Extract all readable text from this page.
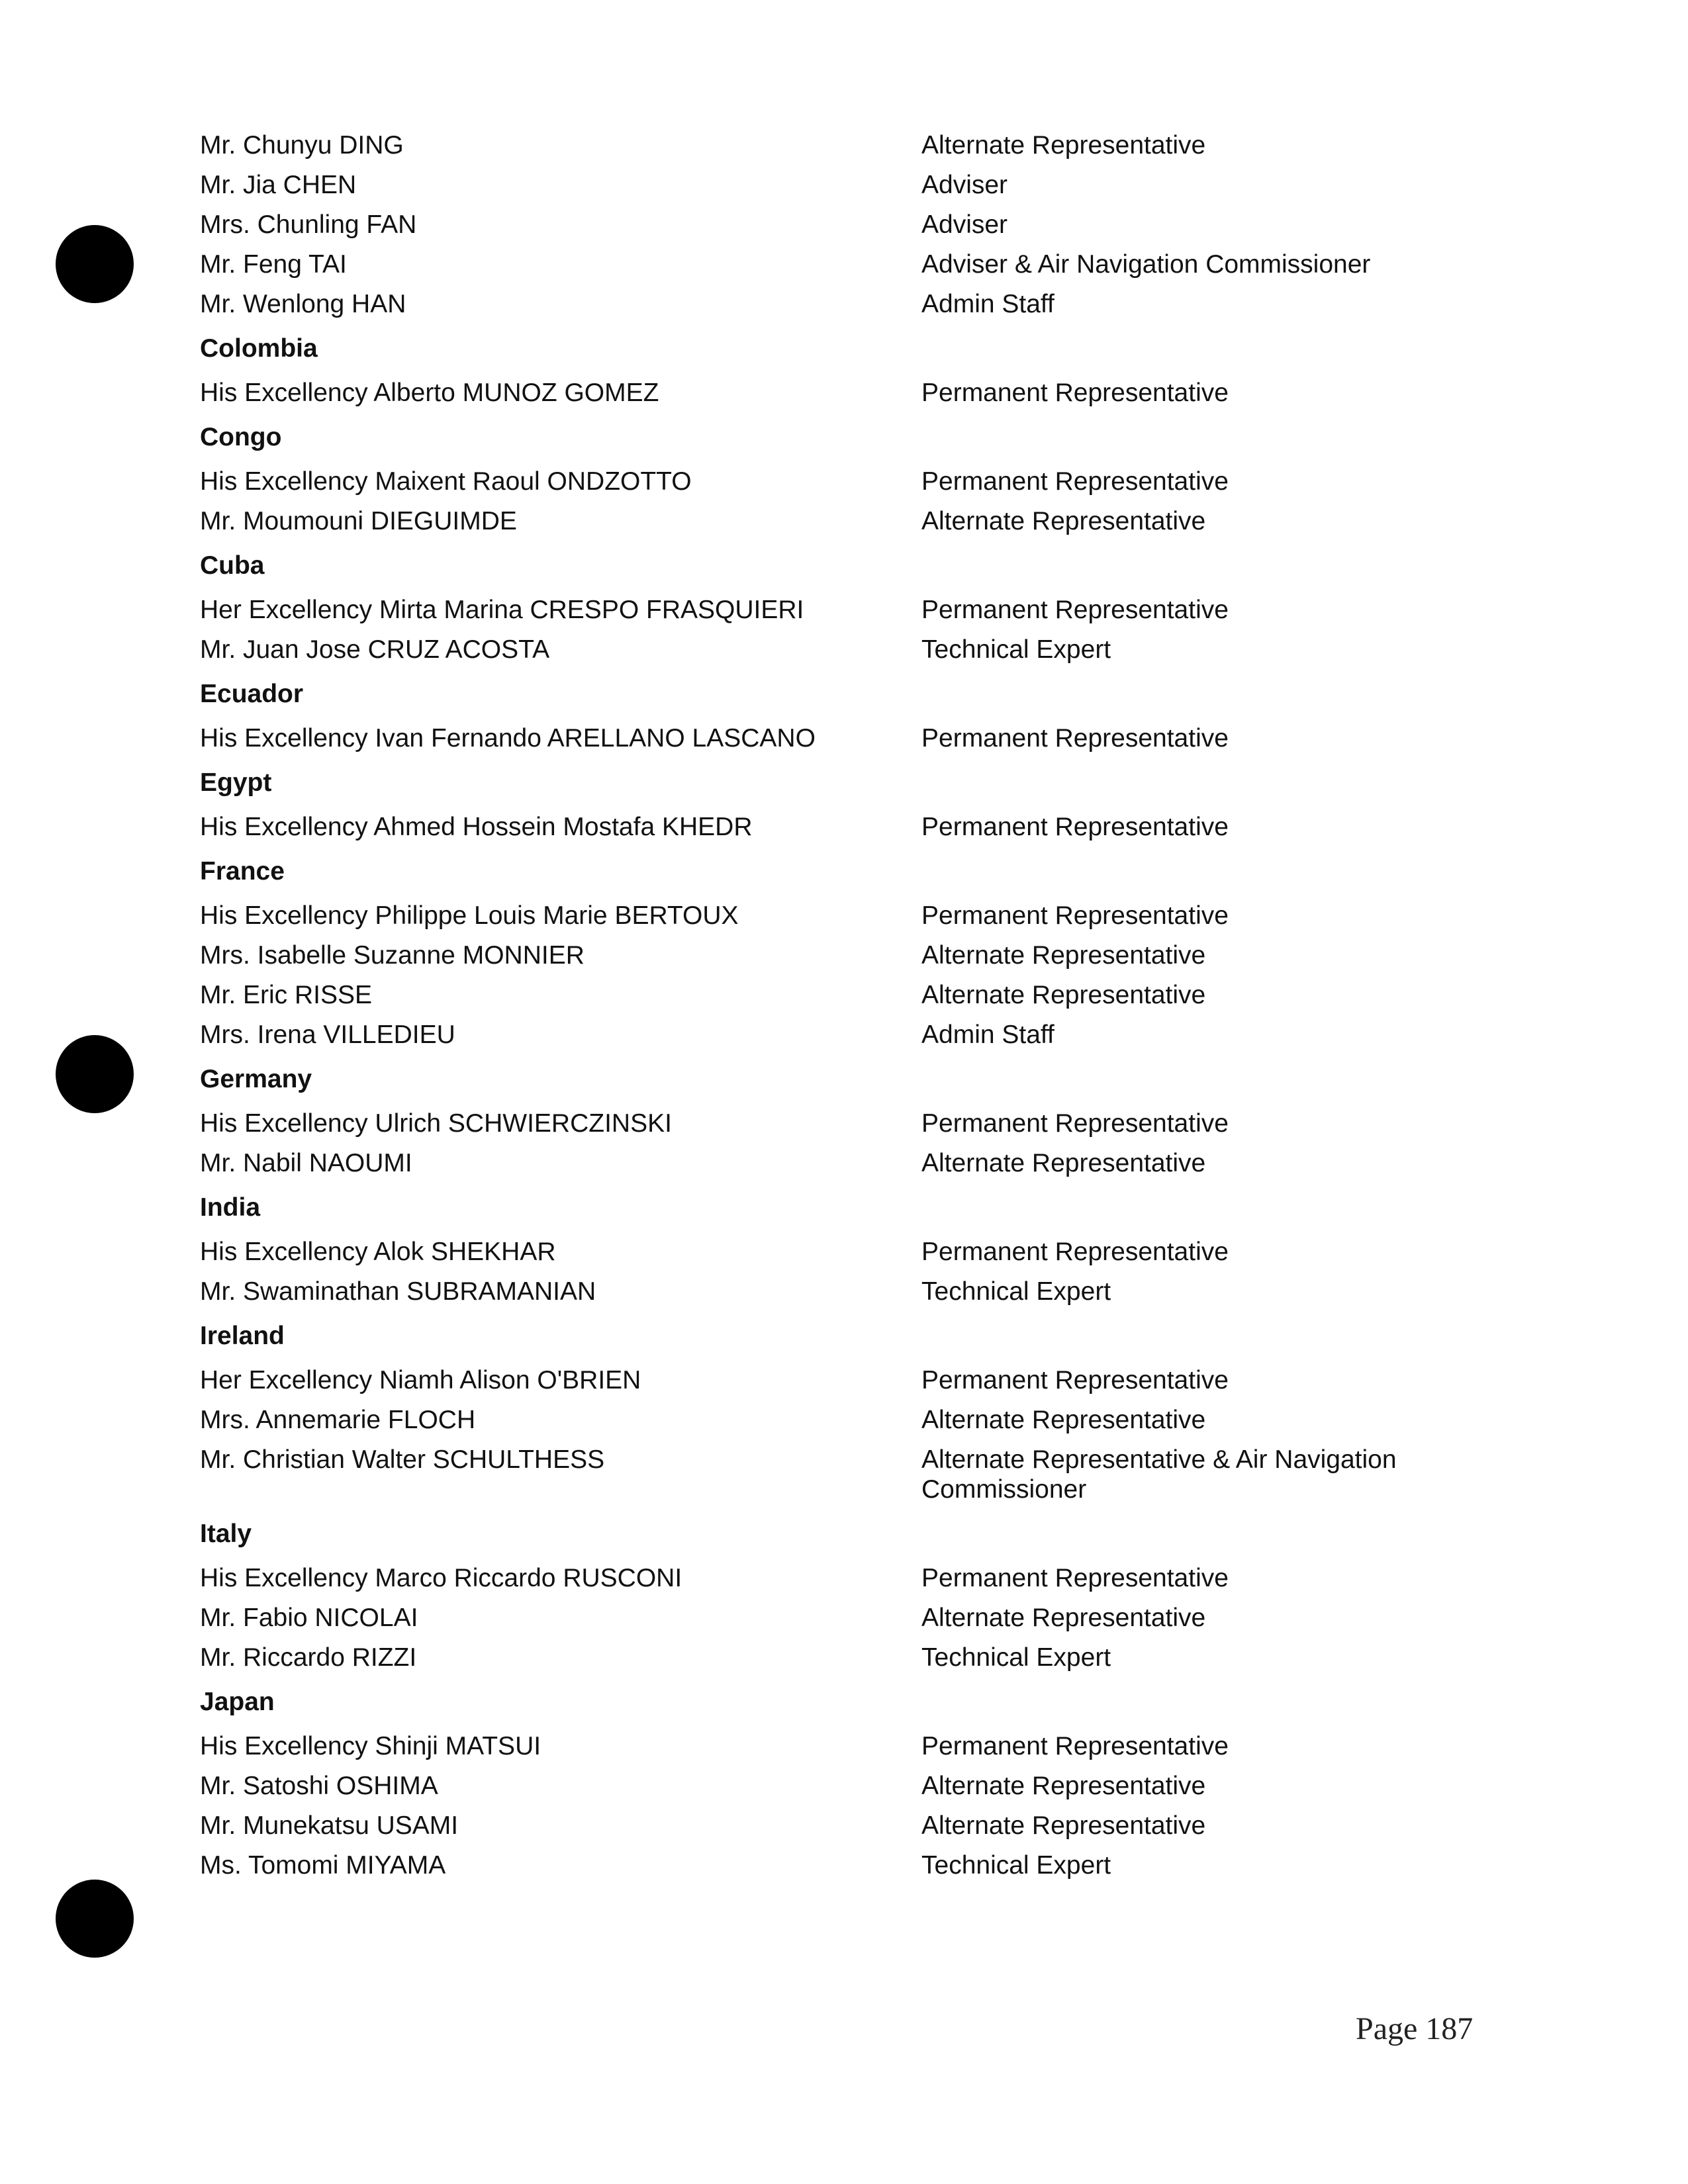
Mr. Chunyu DING	Alternate Representative
Mr. Jia CHEN	Adviser
Mrs. Chunling FAN	Adviser
Mr. Feng TAI	Adviser & Air Navigation Commissioner
Mr. Wenlong HAN	Admin Staff
Colombia
His Excellency Alberto MUNOZ GOMEZ	Permanent Representative
Congo
His Excellency Maixent Raoul ONDZOTTO	Permanent Representative
Mr. Moumouni DIEGUIMDE	Alternate Representative
Cuba
Her Excellency Mirta Marina CRESPO FRASQUIERI	Permanent Representative
Mr. Juan Jose CRUZ ACOSTA	Technical Expert
Ecuador
His Excellency Ivan Fernando ARELLANO LASCANO	Permanent Representative
Egypt
His Excellency Ahmed Hossein Mostafa KHEDR	Permanent Representative
France
His Excellency Philippe Louis Marie BERTOUX	Permanent Representative
Mrs. Isabelle Suzanne MONNIER	Alternate Representative
Mr. Eric RISSE	Alternate Representative
Mrs. Irena VILLEDIEU	Admin Staff
Germany
His Excellency Ulrich SCHWIERCZINSKI	Permanent Representative
Mr. Nabil NAOUMI	Alternate Representative
India
His Excellency Alok SHEKHAR	Permanent Representative
Mr. Swaminathan SUBRAMANIAN	Technical Expert
Ireland
Her Excellency Niamh Alison O'BRIEN	Permanent Representative
Mrs. Annemarie FLOCH	Alternate Representative
Mr. Christian Walter SCHULTHESS	Alternate Representative & Air Navigation Commissioner
Italy
His Excellency Marco Riccardo RUSCONI	Permanent Representative
Mr. Fabio NICOLAI	Alternate Representative
Mr. Riccardo RIZZI	Technical Expert
Japan
His Excellency Shinji MATSUI	Permanent Representative
Mr. Satoshi OSHIMA	Alternate Representative
Mr. Munekatsu USAMI	Alternate Representative
Ms. Tomomi MIYAMA	Technical Expert
Page 187
